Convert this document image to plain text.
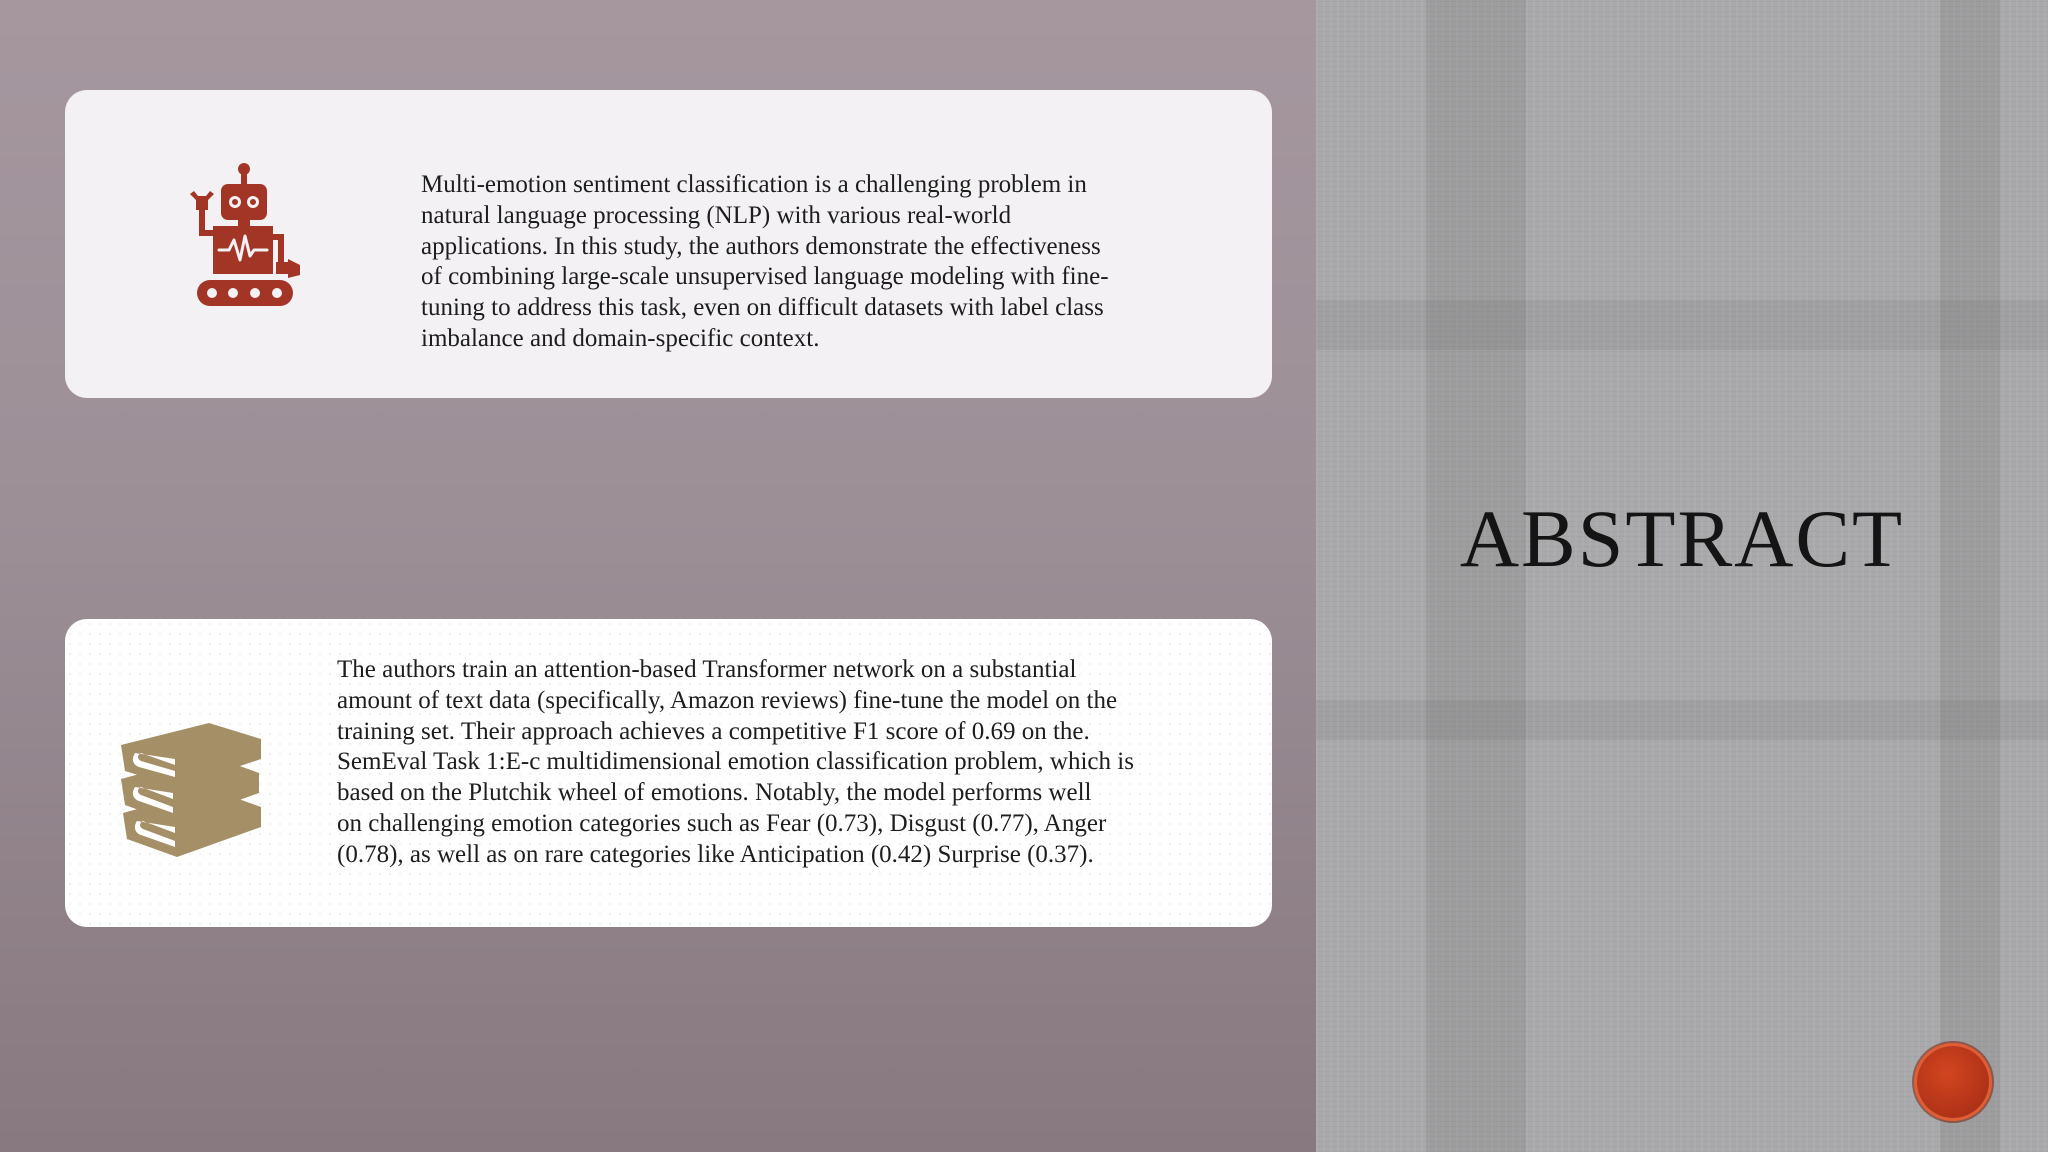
Multi-emotion sentiment classification is a challenging problem in
natural language processing (NLP) with various real-world
applications. In this study, the authors demonstrate the effectiveness
of combining large-scale unsupervised language modeling with fine-
tuning to address this task, even on difficult datasets with label class
imbalance and domain-specific context.

The authors train an attention-based Transformer network on a substantial
amount of text data (specifically, Amazon reviews) fine-tune the model on the
training set. Their approach achieves a competitive F1 score of 0.69 on the.
SemEval Task 1:E-c multidimensional emotion classification problem, which is
based on the Plutchik wheel of emotions. Notably, the model performs well
on challenging emotion categories such as Fear (0.73), Disgust (0.77), Anger
(0.78), as well as on rare categories like Anticipation (0.42) Surprise (0.37).

ABSTRACT
